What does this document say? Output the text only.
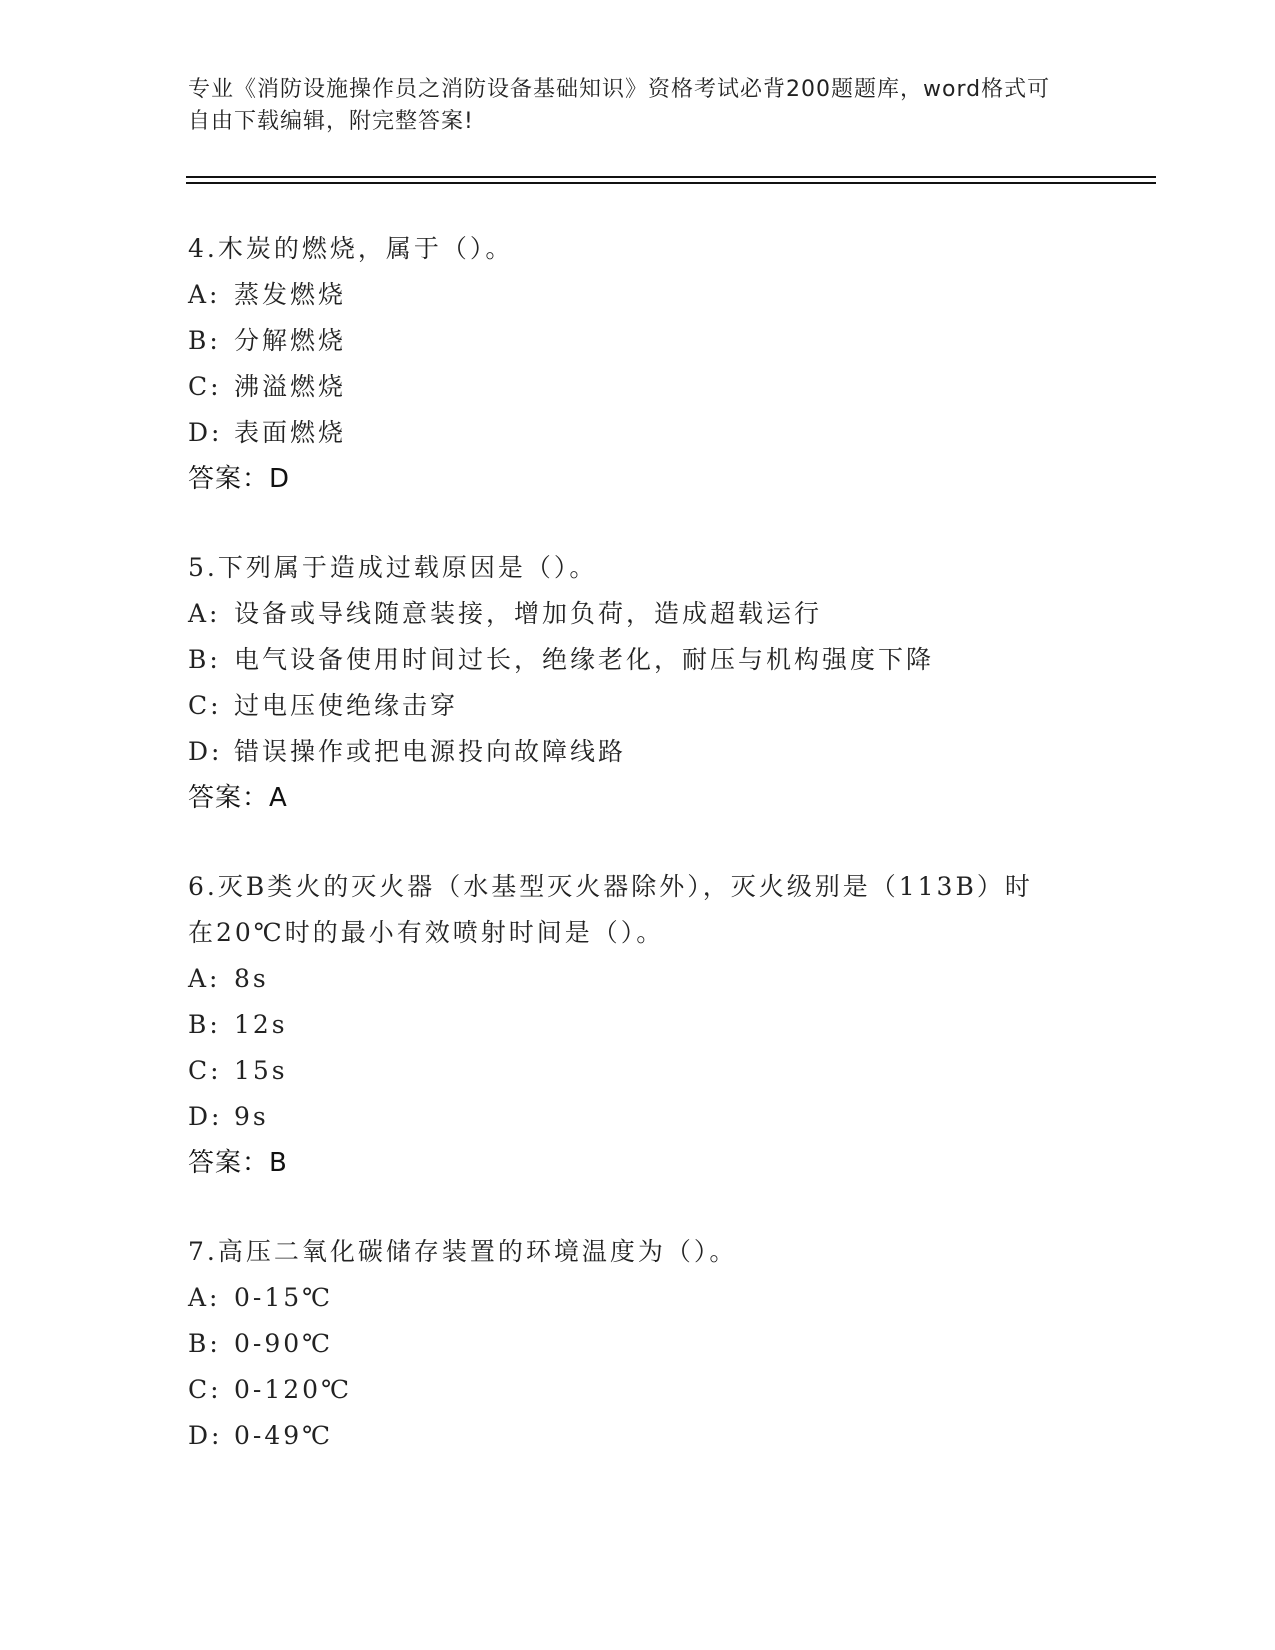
专业《消防设施操作员之消防设备基础知识》资格考试必背200题题库，word格式可自由下载编辑，附完整答案!
4.木炭的燃烧，属于（）。
A: 蒸发燃烧
B: 分解燃烧
C: 沸溢燃烧
D: 表面燃烧
答案：D
5.下列属于造成过载原因是（）。
A: 设备或导线随意装接，增加负荷，造成超载运行
B: 电气设备使用时间过长，绝缘老化，耐压与机构强度下降
C: 过电压使绝缘击穿
D: 错误操作或把电源投向故障线路
答案：A
6.灭B类火的灭火器（水基型灭火器除外），灭火级别是（113B）时
在20℃时的最小有效喷射时间是（）。
A: 8s
B: 12s
C: 15s
D: 9s
答案：B
7.高压二氧化碳储存装置的环境温度为（）。
A: 0-15℃
B: 0-90℃
C: 0-120℃
D: 0-49℃
